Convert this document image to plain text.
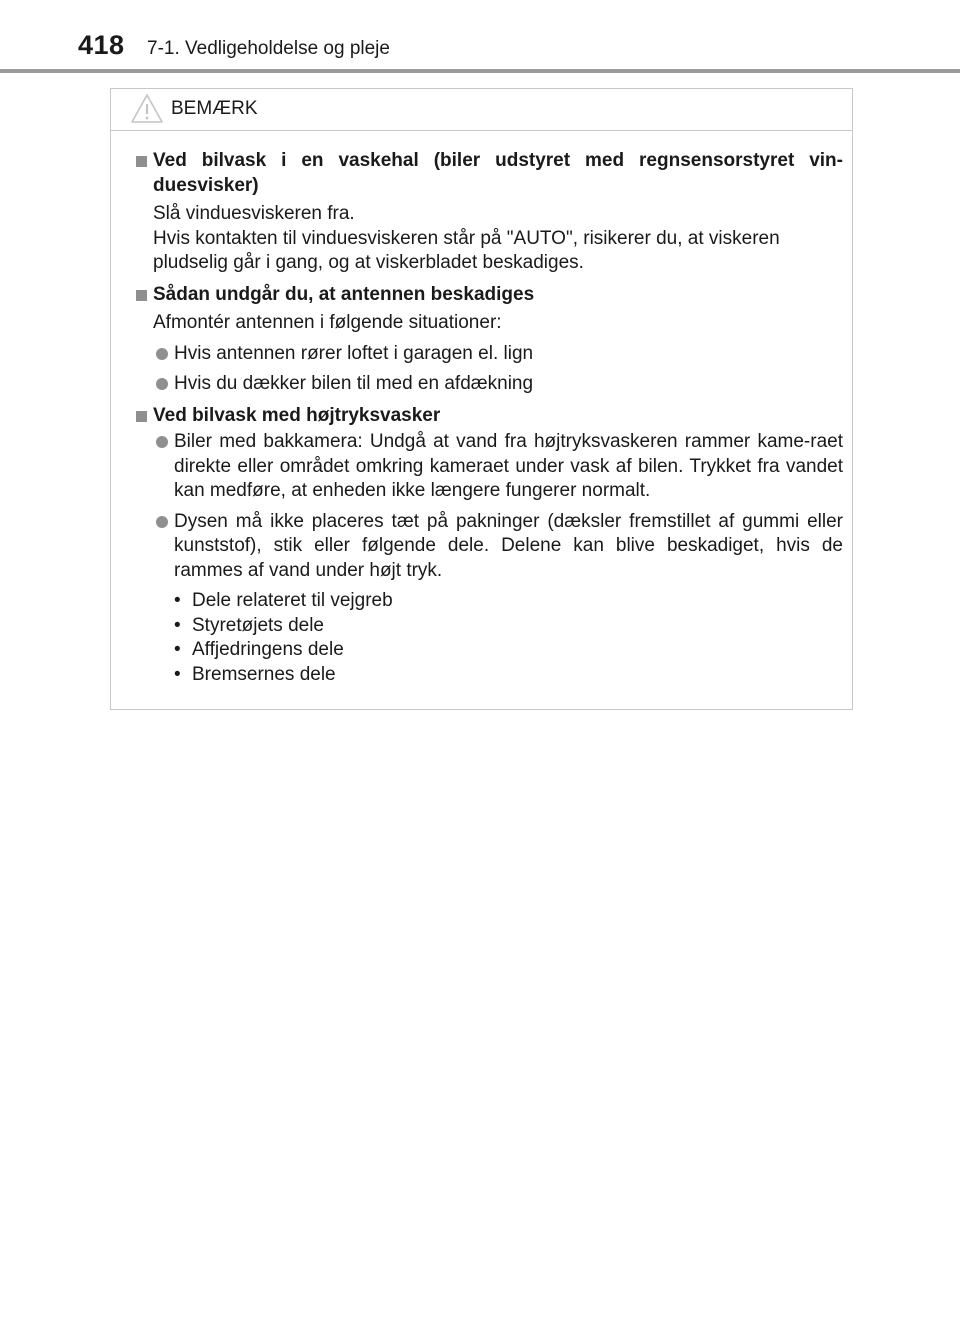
418 7-1. Vedligeholdelse og pleje
BEMÆRK
Ved bilvask i en vaskehal (biler udstyret med regnsensorstyret vin-duesvisker)
Slå vinduesviskeren fra.
Hvis kontakten til vinduesviskeren står på "AUTO", risikerer du, at viskeren pludselig går i gang, og at viskerbladet beskadiges.
Sådan undgår du, at antennen beskadiges
Afmontér antennen i følgende situationer:
Hvis antennen rører loftet i garagen el. lign
Hvis du dækker bilen til med en afdækning
Ved bilvask med højtryksvasker
Biler med bakkamera: Undgå at vand fra højtryksvaskeren rammer kame-raet direkte eller området omkring kameraet under vask af bilen. Trykket fra vandet kan medføre, at enheden ikke længere fungerer normalt.
Dysen må ikke placeres tæt på pakninger (dæksler fremstillet af gummi eller kunststof), stik eller følgende dele. Delene kan blive beskadiget, hvis de rammes af vand under højt tryk.
• Dele relateret til vejgreb
• Styretøjets dele
• Affjedringens dele
• Bremsernes dele
